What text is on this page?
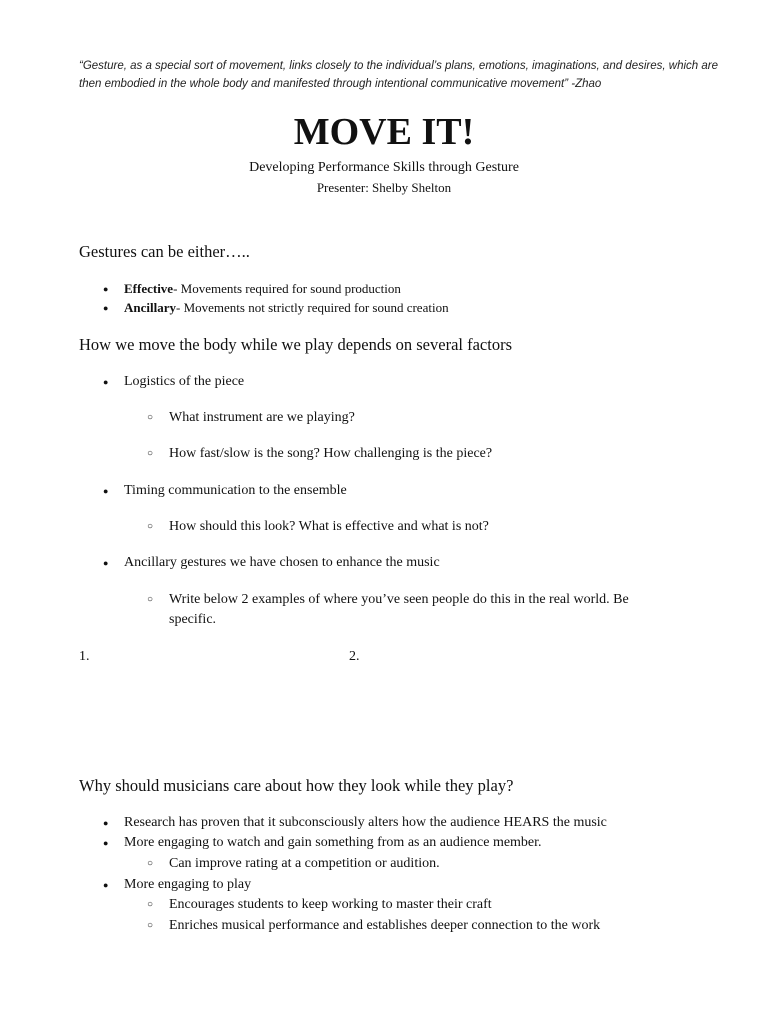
“Gesture, as a special sort of movement, links closely to the individual’s plans, emotions, imaginations, and desires, which are then embodied in the whole body and manifested through intentional communicative movement” -Zhao
MOVE IT!
Developing Performance Skills through Gesture
Presenter: Shelby Shelton
Gestures can be either…..
● Effective- Movements required for sound production
● Ancillary- Movements not strictly required for sound creation
How we move the body while we play depends on several factors
● Logistics of the piece
○ What instrument are we playing?
○ How fast/slow is the song? How challenging is the piece?
● Timing communication to the ensemble
○ How should this look? What is effective and what is not?
● Ancillary gestures we have chosen to enhance the music
○ Write below 2 examples of where you’ve seen people do this in the real world. Be specific.
1.	2.
Why should musicians care about how they look while they play?
● Research has proven that it subconsciously alters how the audience HEARS the music
● More engaging to watch and gain something from as an audience member.
○ Can improve rating at a competition or audition.
● More engaging to play
○ Encourages students to keep working to master their craft
○ Enriches musical performance and establishes deeper connection to the work
